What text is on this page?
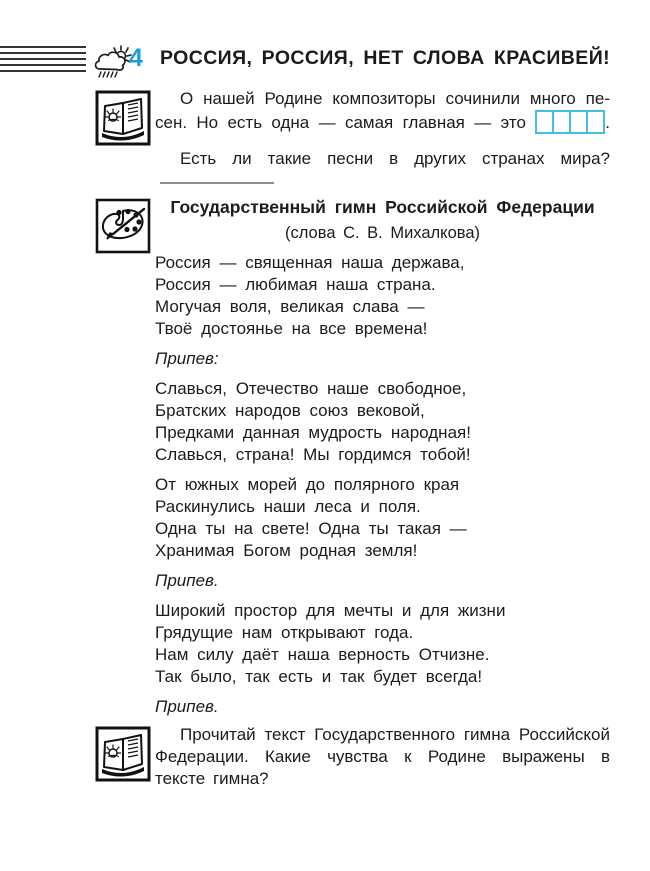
4 РОССИЯ, РОССИЯ, НЕТ СЛОВА КРАСИВЕЙ!
О нашей Родине композиторы сочинили много пе-
сен. Но есть одна — самая главная — это	.
Есть ли такие песни в других странах мира?
Государственный гимн Российской Федерации
(слова С. В. Михалкова)
Россия — священная наша держава,
Россия — любимая наша страна.
Могучая воля, великая слава —
Твоё достоянье на все времена!
Припев:
Славься, Отечество наше свободное,
Братских народов союз вековой,
Предками данная мудрость народная!
Славься, страна! Мы гордимся тобой!
От южных морей до полярного края
Раскинулись наши леса и поля.
Одна ты на свете! Одна ты такая —
Хранимая Богом родная земля!
Припев.
Широкий простор для мечты и для жизни
Грядущие нам открывают года.
Нам силу даёт наша верность Отчизне.
Так было, так есть и так будет всегда!
Припев.
Прочитай текст Государственного гимна Российской
Федерации. Какие чувства к Родине выражены в
тексте гимна?
